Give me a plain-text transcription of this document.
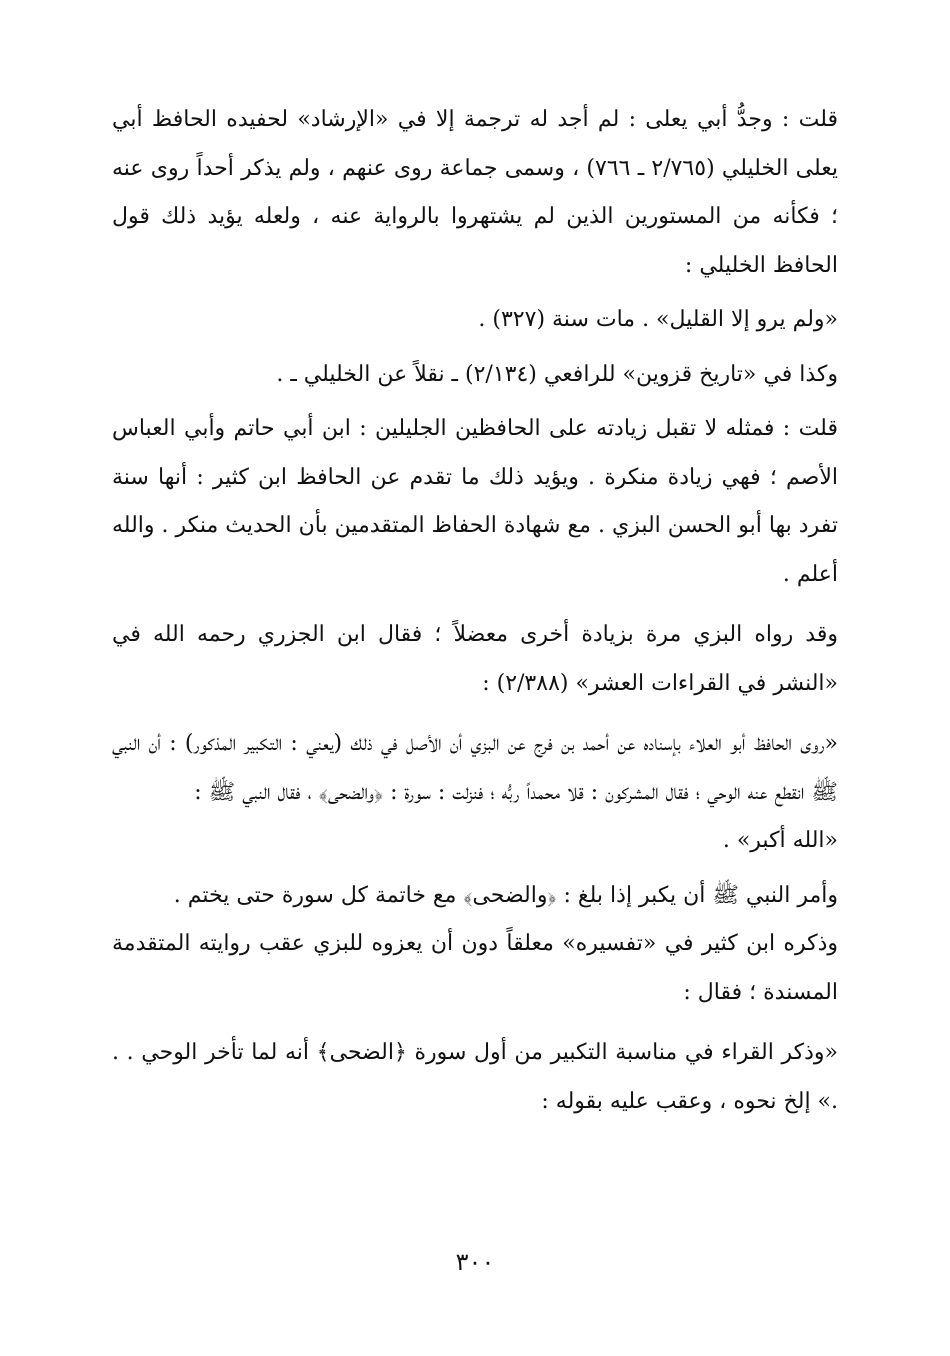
قلت : وجدُّ أبي يعلى : لم أجد له ترجمة إلا في «الإرشاد» لحفيده الحافظ أبي يعلى الخليلي (٢/٧٦٥ ـ ٧٦٦) ، وسمى جماعة روى عنهم ، ولم يذكر أحداً روى عنه ؛ فكأنه من المستورين الذين لم يشتهروا بالرواية عنه ، ولعله يؤيد ذلك قول الحافظ الخليلي :

«ولم يرو إلا القليل» . مات سنة (٣٢٧) .

وكذا في «تاريخ قزوين» للرافعي (٢/١٣٤) ـ نقلاً عن الخليلي ـ .

قلت : فمثله لا تقبل زيادته على الحافظين الجليلين : ابن أبي حاتم وأبي العباس الأصم ؛ فهي زيادة منكرة . ويؤيد ذلك ما تقدم عن الحافظ ابن كثير : أنها سنة تفرد بها أبو الحسن البزي . مع شهادة الحفاظ المتقدمين بأن الحديث منكر . والله أعلم .

وقد رواه البزي مرة بزيادة أخرى معضلاً ؛ فقال ابن الجزري رحمه الله في «النشر في القراءات العشر» (٢/٣٨٨) :

«روى الحافظ أبو العلاء بإسناده عن أحمد بن فرج عن البزي أن الأصل في ذلك (يعني : التكبير المذكور) : أن النبي ﷺ انقطع عنه الوحي ؛ فقال المشركون : قلا محمداً ربُّه ؛ فنزلت : سورة : ﴿والضحى﴾ ، فقال النبي ﷺ :

«الله أكبر» .

وأمر النبي ﷺ أن يكبر إذا بلغ : ﴿والضحى﴾ مع خاتمة كل سورة حتى يختم .

وذكره ابن كثير في «تفسيره» معلقاً دون أن يعزوه للبزي عقب روايته المتقدمة المسندة ؛ فقال :

«وذكر القراء في مناسبة التكبير من أول سورة ﴿الضحى﴾ أنه لما تأخر الوحي . . .» إلخ نحوه ، وعقب عليه بقوله :

٣٠٠
